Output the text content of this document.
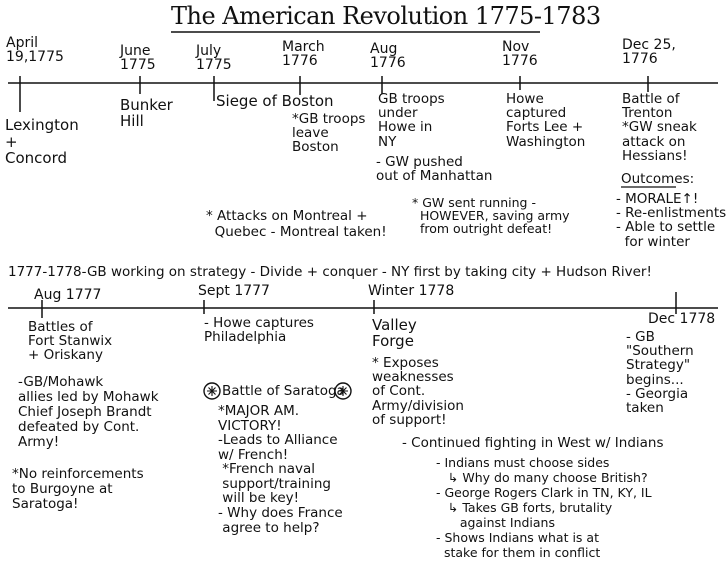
The American Revolution 1775-1783
April
19,1775	June
1775
July
1775
March
1776
Aug
1776
Nov
1776
Dec 25,
1776
Lexington
+
Concord
Bunker
Hill
Siege of Boston
*GB troops
leave
Boston
GB troops
under
Howe in
NY
- GW pushed
out of Manhattan
Howe
captured
Forts Lee +
Washington
Battle of
Trenton
*GW sneak
attack on
Hessians!
Outcomes:
- MORALE↑!
- Re-enlistments
- Able to settle
for winter
* Attacks on Montreal +
Quebec - Montreal taken!
* GW sent running -
HOWEVER, saving army
from outright defeat!
1777-1778-GB working on strategy - Divide + conquer - NY first by taking city + Hudson River!
Aug 1777	Sept 1777	Winter 1778
Dec 1778
Battles of
Fort Stanwix
+ Oriskany
-GB/Mohawk
allies led by Mohawk
Chief Joseph Brandt
defeated by Cont.
Army!
*No reinforcements
to Burgoyne at
Saratoga!
- Howe captures
Philadelphia
Battle of Saratoga
*MAJOR AM.
VICTORY!
-Leads to Alliance
w/ French!
*French naval
support/training
will be key!
- Why does France
agree to help?
Valley
Forge
* Exposes
weaknesses
of Cont.
Army/division
of support!
- Continued fighting in West w/ Indians
- Indians must choose sides
↳ Why do many choose British?
- George Rogers Clark in TN, KY, IL
↳ Takes GB forts, brutality
against Indians
- Shows Indians what is at
stake for them in conflict
- GB
"Southern
Strategy"
begins...
- Georgia
taken
